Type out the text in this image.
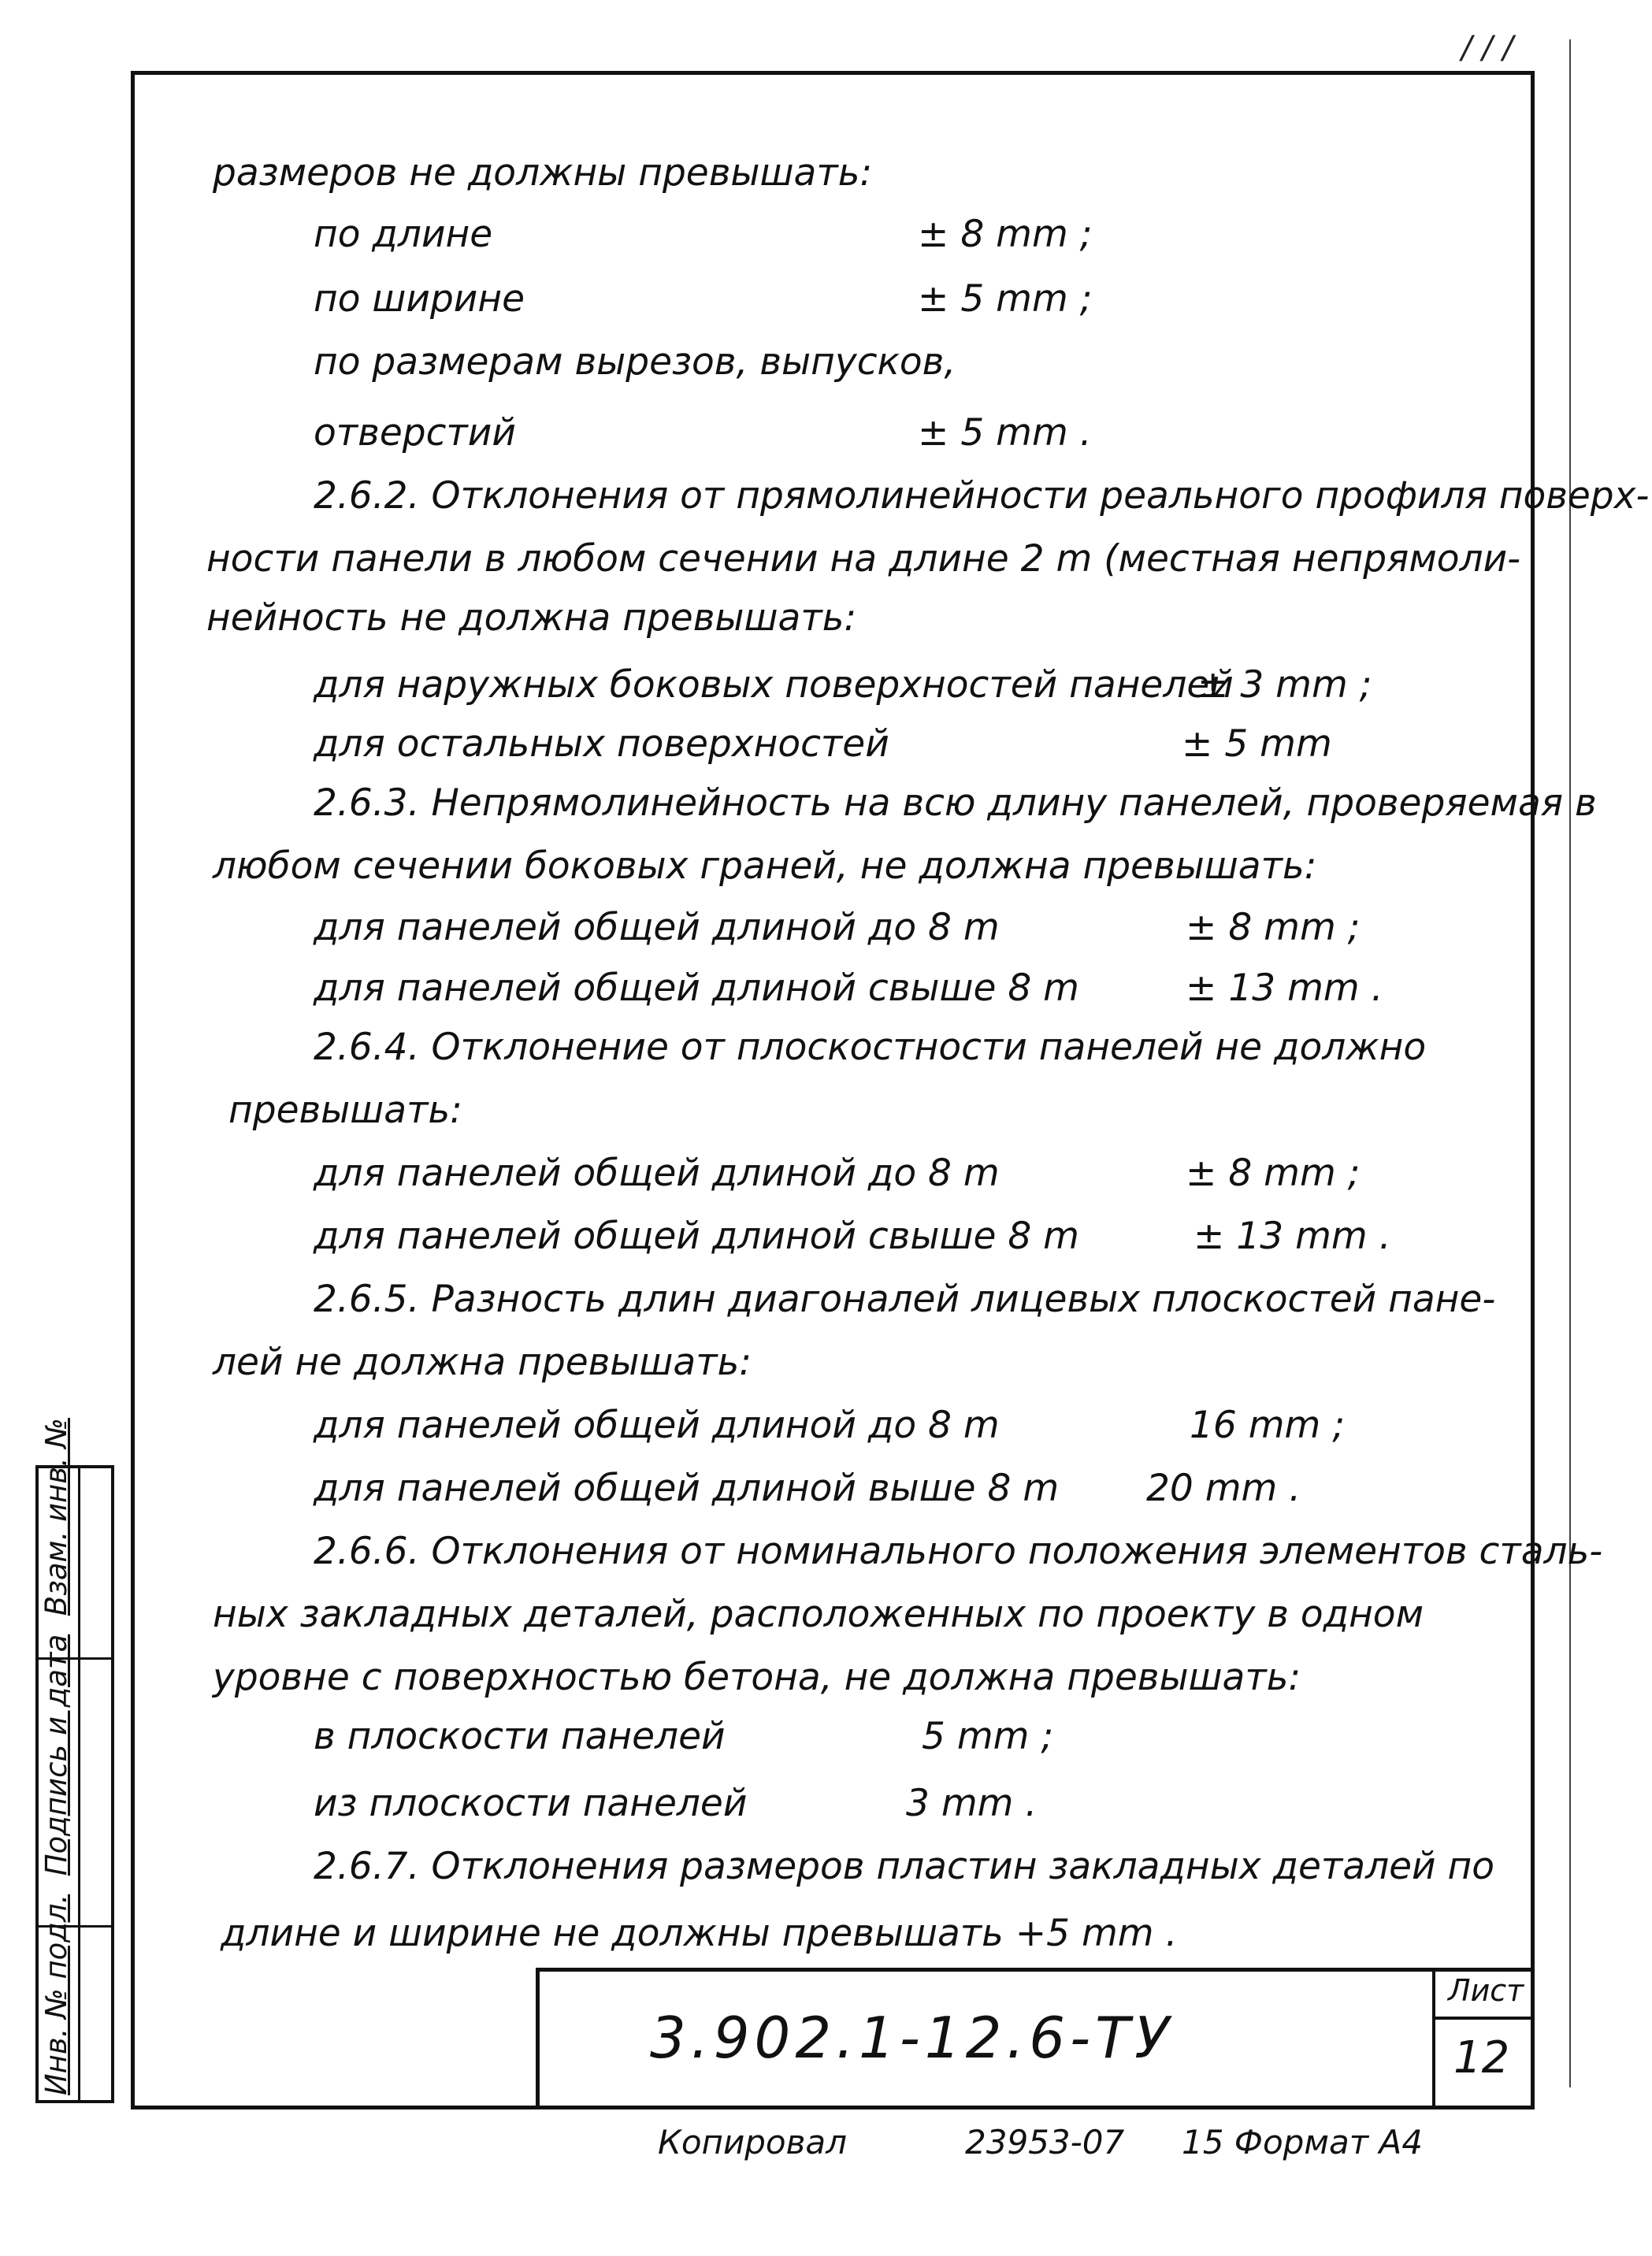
/ / /
размеров не должны превышать:
по длине
по ширине
по размерам вырезов, выпусков,
отверстий
2.6.2. Отклонения от прямолинейности реального профиля поверх-
ности панели в любом сечении на длине 2 m (местная непрямоли-
нейность не должна превышать:
для наружных боковых поверхностей панелей
для остальных поверхностей
2.6.3. Непрямолинейность на всю длину панелей, проверяемая в
любом сечении боковых граней, не должна превышать:
для панелей общей длиной до 8 m
для панелей общей длиной свыше 8 m
2.6.4. Отклонение от плоскостности панелей не должно
превышать:
для панелей общей длиной до 8 m
для панелей общей длиной свыше 8 m
2.6.5. Разность длин диагоналей лицевых плоскостей пане-
лей не должна превышать:
для панелей общей длиной до 8 m
для панелей общей длиной выше 8 m
2.6.6. Отклонения от номинального положения элементов сталь-
ных закладных деталей, расположенных по проекту в одном
уровне с поверхностью бетона, не должна превышать:
в плоскости панелей
из плоскости панелей
2.6.7. Отклонения размеров пластин закладных деталей по
длине и ширине не должны превышать +5 mm .
± 8 mm ;
± 5 mm ;
± 5 mm .
± 3 mm ;
± 5 mm
± 8 mm ;
± 13 mm .
± 8 mm ;
± 13 mm .
16 mm ;
20 mm .
5 mm ;
3 mm .
Инв. № подл.  Подпись и дата  Взам. инв. №
3.902.1-12.6-ТУ
Лист
12
Копировал	23953-07 15 Формат А4
